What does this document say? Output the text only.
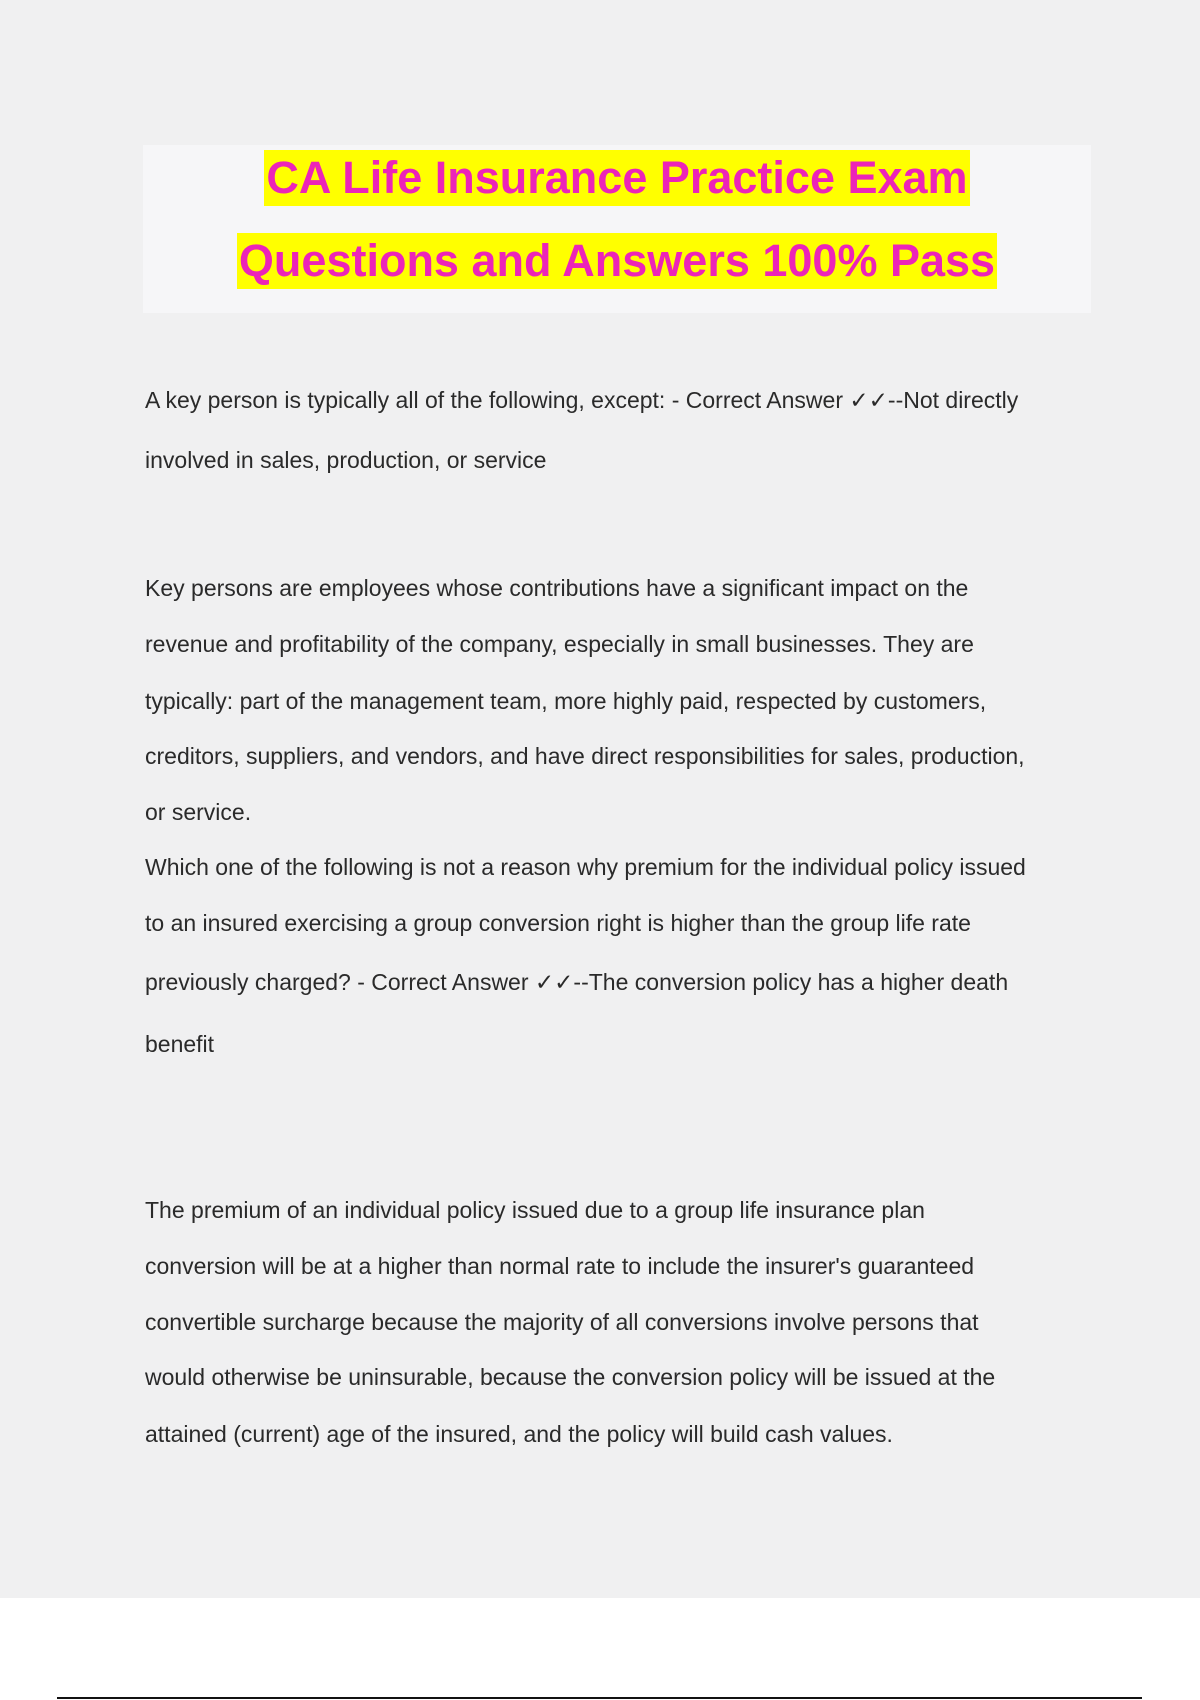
CA Life Insurance Practice Exam
Questions and Answers 100% Pass
A key person is typically all of the following, except: - Correct Answer ✓✓--Not directly
involved in sales, production, or service
Key persons are employees whose contributions have a significant impact on the
revenue and profitability of the company, especially in small businesses. They are
typically: part of the management team, more highly paid, respected by customers,
creditors, suppliers, and vendors, and have direct responsibilities for sales, production,
or service.
Which one of the following is not a reason why premium for the individual policy issued
to an insured exercising a group conversion right is higher than the group life rate
previously charged? - Correct Answer ✓✓--The conversion policy has a higher death
benefit
The premium of an individual policy issued due to a group life insurance plan
conversion will be at a higher than normal rate to include the insurer's guaranteed
convertible surcharge because the majority of all conversions involve persons that
would otherwise be uninsurable, because the conversion policy will be issued at the
attained (current) age of the insured, and the policy will build cash values.
